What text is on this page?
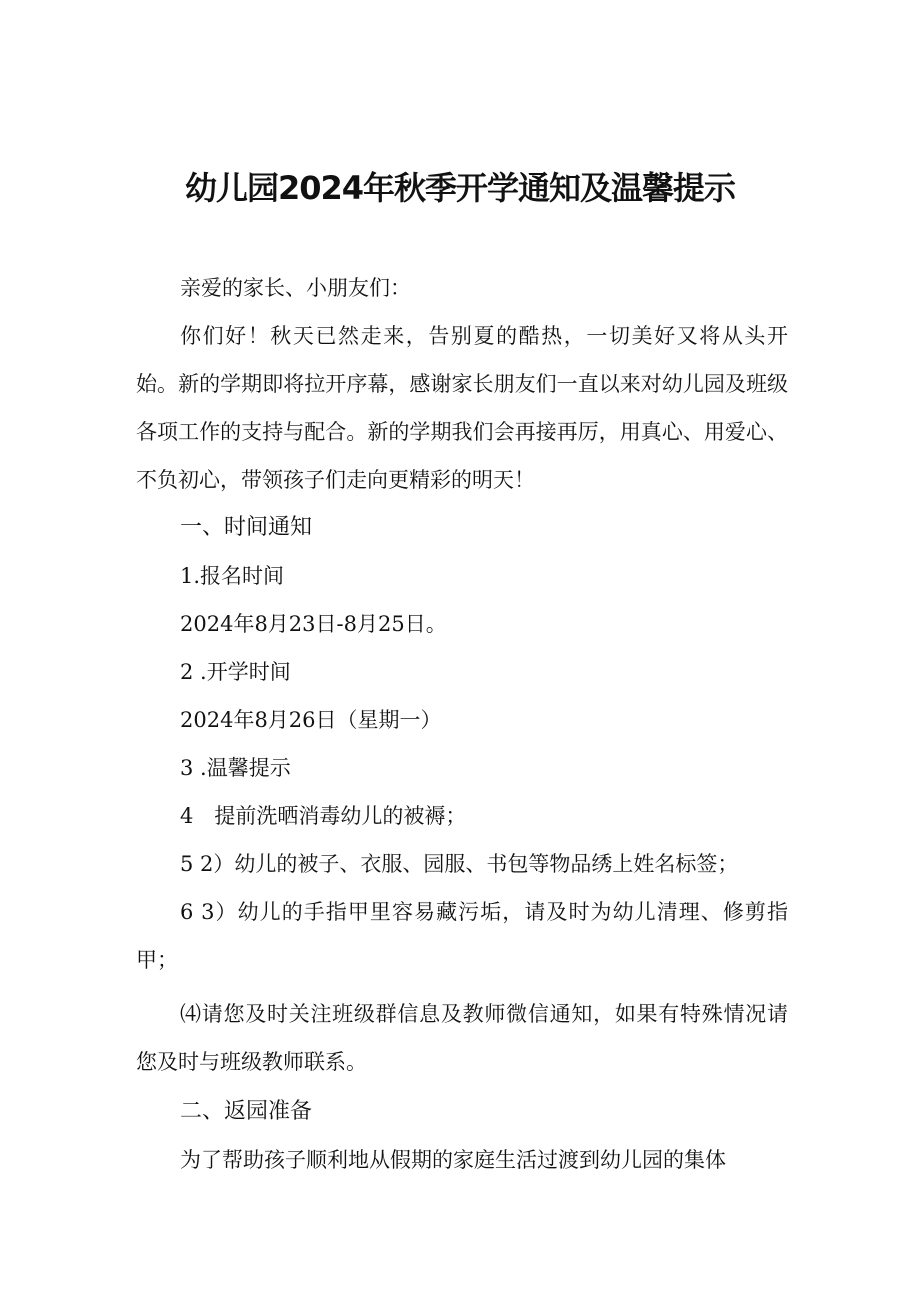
幼儿园2024年秋季开学通知及温馨提示

亲爱的家长、小朋友们：

你们好！秋天已然走来，告别夏的酷热，一切美好又将从头开始。新的学期即将拉开序幕，感谢家长朋友们一直以来对幼儿园及班级各项工作的支持与配合。新的学期我们会再接再厉，用真心、用爱心、不负初心，带领孩子们走向更精彩的明天！

一、时间通知

1.报名时间

2024年8月23日-8月25日。

2 .开学时间

2024年8月26日（星期一）

3 .温馨提示

4　提前洗晒消毒幼儿的被褥；

5 2）幼儿的被子、衣服、园服、书包等物品绣上姓名标签；

6 3）幼儿的手指甲里容易藏污垢，请及时为幼儿清理、修剪指甲；

⑷请您及时关注班级群信息及教师微信通知，如果有特殊情况请您及时与班级教师联系。

二、返园准备

为了帮助孩子顺利地从假期的家庭生活过渡到幼儿园的集体
